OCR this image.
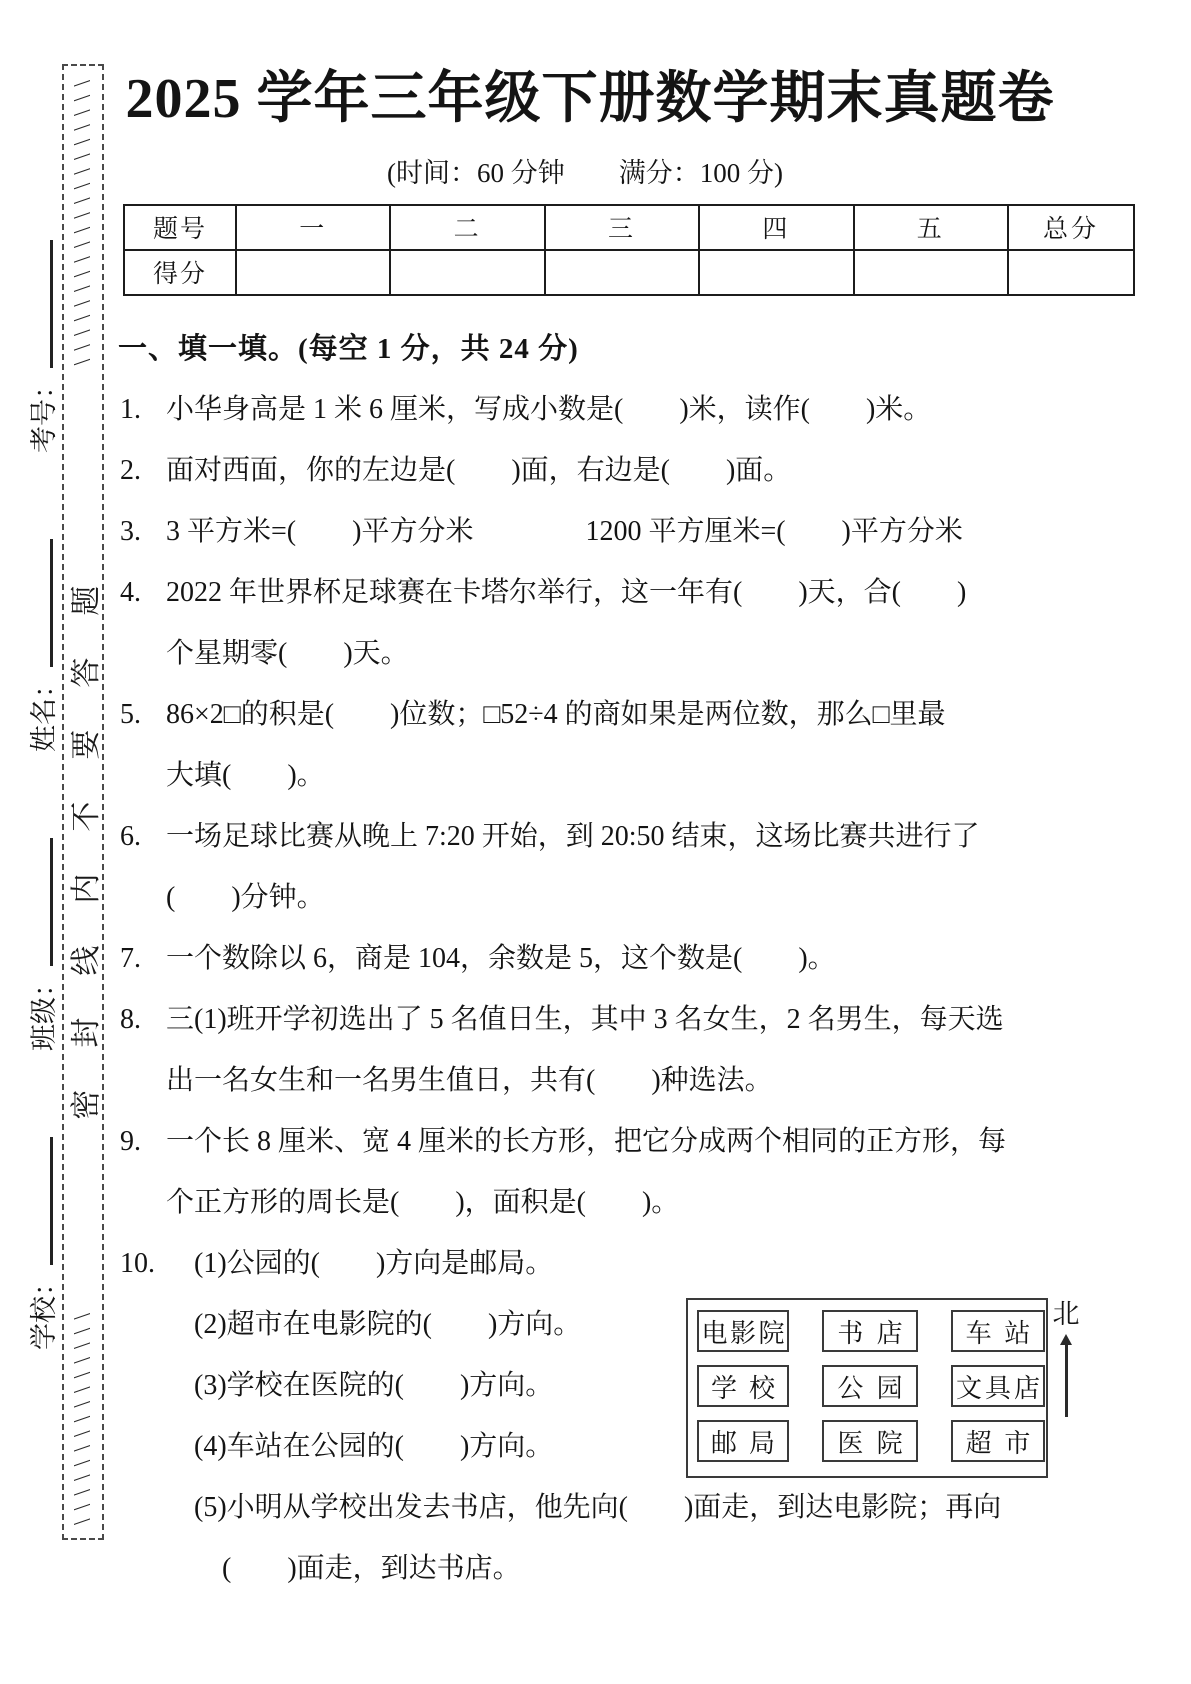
学校：
班级：
姓名：
考号：
\ \ \ \ \ \ \ \ \ \ \ \ \ \ \
密封线内不要答题
\ \ \ \ \ \ \ \ \ \ \ \ \ \ \ \ \ \ \ \ 2025 学年三年级下册数学期末真题卷
(时间：60 分钟　　满分：100 分)
题号	一	二	三	四	五	总分
得分						
一、填一填。(每空 1 分，共 24 分)
1. 小华身高是 1 米 6 厘米，写成小数是(　　)米，读作(　　)米。
2. 面对西面，你的左边是(　　)面，右边是(　　)面。
3. 3 平方米=(　　)平方分米　　　　1200 平方厘米=(　　)平方分米
4. 2022 年世界杯足球赛在卡塔尔举行，这一年有(　　)天，合(　　)
个星期零(　　)天。
5. 86×2□的积是(　　)位数；□52÷4 的商如果是两位数，那么□里最
大填(　　)。
6. 一场足球比赛从晚上 7:20 开始，到 20:50 结束，这场比赛共进行了
(　　)分钟。
7. 一个数除以 6，商是 104，余数是 5，这个数是(　　)。
8. 三(1)班开学初选出了 5 名值日生，其中 3 名女生，2 名男生，每天选
出一名女生和一名男生值日，共有(　　)种选法。
9. 一个长 8 厘米、宽 4 厘米的长方形，把它分成两个相同的正方形，每
个正方形的周长是(　　)，面积是(　　)。
10. 　(1)公园的(　　)方向是邮局。
　(2)超市在电影院的(　　)方向。
　(3)学校在医院的(　　)方向。
　(4)车站在公园的(　　)方向。
　(5)小明从学校出发去书店，他先向(　　)面走，到达电影院；再向
　　(　　)面走，到达书店。
电 影 院 书 店 车 站
学 校 公 园 文 具 店
邮 局 医 院 超 市
北
